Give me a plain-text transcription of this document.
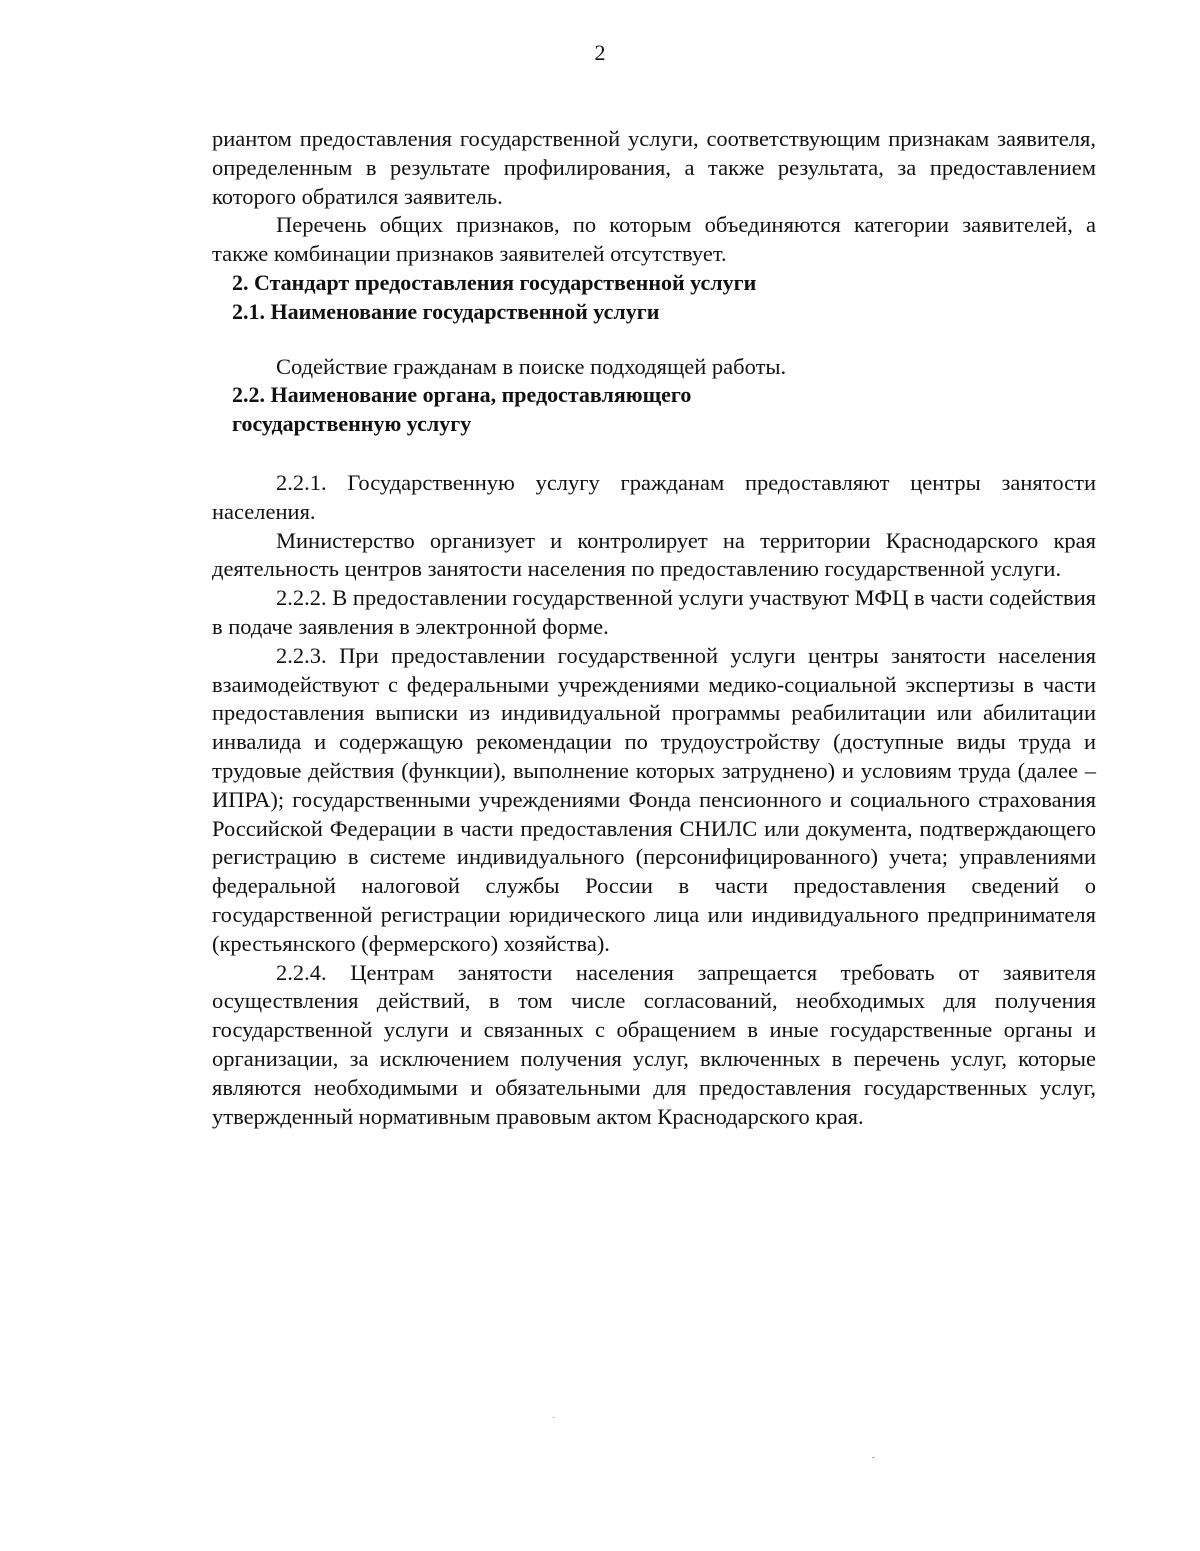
2

риантом предоставления государственной услуги, соответствующим признакам заявителя, определенным в результате профилирования, а также результата, за предоставлением которого обратился заявитель.

Перечень общих признаков, по которым объединяются категории заявителей, а также комбинации признаков заявителей отсутствует.

2. Стандарт предоставления государственной услуги

2.1. Наименование государственной услуги

Содействие гражданам в поиске подходящей работы.

2.2. Наименование органа, предоставляющего

государственную услугу

2.2.1. Государственную услугу гражданам предоставляют центры занятости населения.

Министерство организует и контролирует на территории Краснодарского края деятельность центров занятости населения по предоставлению государственной услуги.

2.2.2. В предоставлении государственной услуги участвуют МФЦ в части содействия в подаче заявления в электронной форме.

2.2.3. При предоставлении государственной услуги центры занятости населения взаимодействуют с федеральными учреждениями медико-социальной экспертизы в части предоставления выписки из индивидуальной программы реабилитации или абилитации инвалида и содержащую рекомендации по трудоустройству (доступные виды труда и трудовые действия (функции), выполнение которых затруднено) и условиям труда (далее – ИПРА); государственными учреждениями Фонда пенсионного и социального страхования Российской Федерации в части предоставления СНИЛС или документа, подтверждающего регистрацию в системе индивидуального (персонифицированного) учета; управлениями федеральной налоговой службы России в части предоставления сведений о государственной регистрации юридического лица или индивидуального предпринимателя (крестьянского (фермерского) хозяйства).

2.2.4. Центрам занятости населения запрещается требовать от заявителя осуществления действий, в том числе согласований, необходимых для получения государственной услуги и связанных с обращением в иные государственные органы и организации, за исключением получения услуг, включенных в перечень услуг, которые являются необходимыми и обязательными для предоставления государственных услуг, утвержденный нормативным правовым актом Краснодарского края.

ˏ
-
